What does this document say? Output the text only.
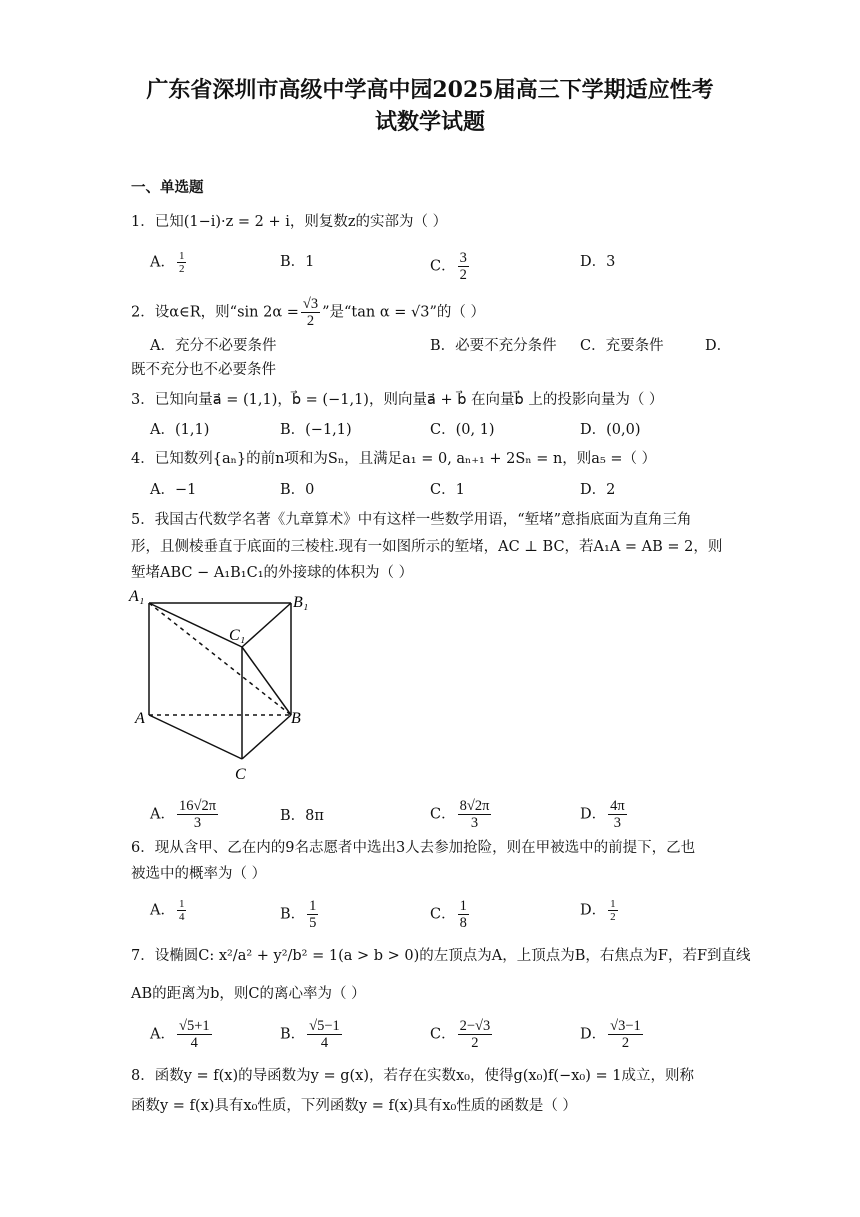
广东省深圳市高级中学高中园2025届高三下学期适应性考
试数学试题
一、单选题
1．已知(1−i)·z = 2 + i，则复数z的实部为（ ）
A． $\frac{1}{2}$	B．1	C． $\frac{3}{2}$	D．3
2．设α∈R，则“sin $2\alpha = \frac{√3}{2}$ ”是“tan α = √3”的（ ）
A．充分不必要条件	B．必要不充分条件 C．充要条件	D．
既不充分也不必要条件
3．已知向量a⃗ = (1,1)，b⃗ = (−1,1)，则向量a⃗ + b⃗ 在向量b⃗ 上的投影向量为（ ）
A．(1,1)	B．(−1,1)	C．(0, 1)	D．(0,0)
4．已知数列{aₙ}的前n项和为Sₙ，且满足a₁ = 0, aₙ₊₁ + 2Sₙ = n，则a₅ =（ ）
A．−1	B．0	C．1	D．2
5．我国古代数学名著《九章算术》中有这样一些数学用语，“堑堵”意指底面为直角三角
形，且侧棱垂直于底面的三棱柱.现有一如图所示的堑堵，AC ⊥ BC，若A₁A = AB = 2，则
堑堵ABC − A₁B₁C₁的外接球的体积为（ ）
A₁	B₁
C₁
A	B
C
A． $\frac{16√2\pi}{3}$	B．8π	C． $\frac{8√2\pi}{3}$	D． $\frac{4\pi}{3}$
6．现从含甲、乙在内的9名志愿者中选出3人去参加抢险，则在甲被选中的前提下，乙也
被选中的概率为（ ）
A． $\frac{1}{4}$	B． $\frac{1}{5}$	C． $\frac{1}{8}$	D． $\frac{1}{2}$
7．设椭圆C: x²/a² + y²/b² = 1(a > b > 0)的左顶点为A，上顶点为B，右焦点为F，若F到直线
AB的距离为b，则C的离心率为（ ）
A． $\frac{√5+1}{4}$	B． $\frac{√5-1}{4}$	C． $\frac{2-√3}{2}$	D． $\frac{√3-1}{2}$
8．函数y = f(x)的导函数为y = g(x)，若存在实数x₀，使得g(x₀)f(−x₀) = 1成立，则称
函数y = f(x)具有x₀性质，下列函数y = f(x)具有x₀性质的函数是（ ）
